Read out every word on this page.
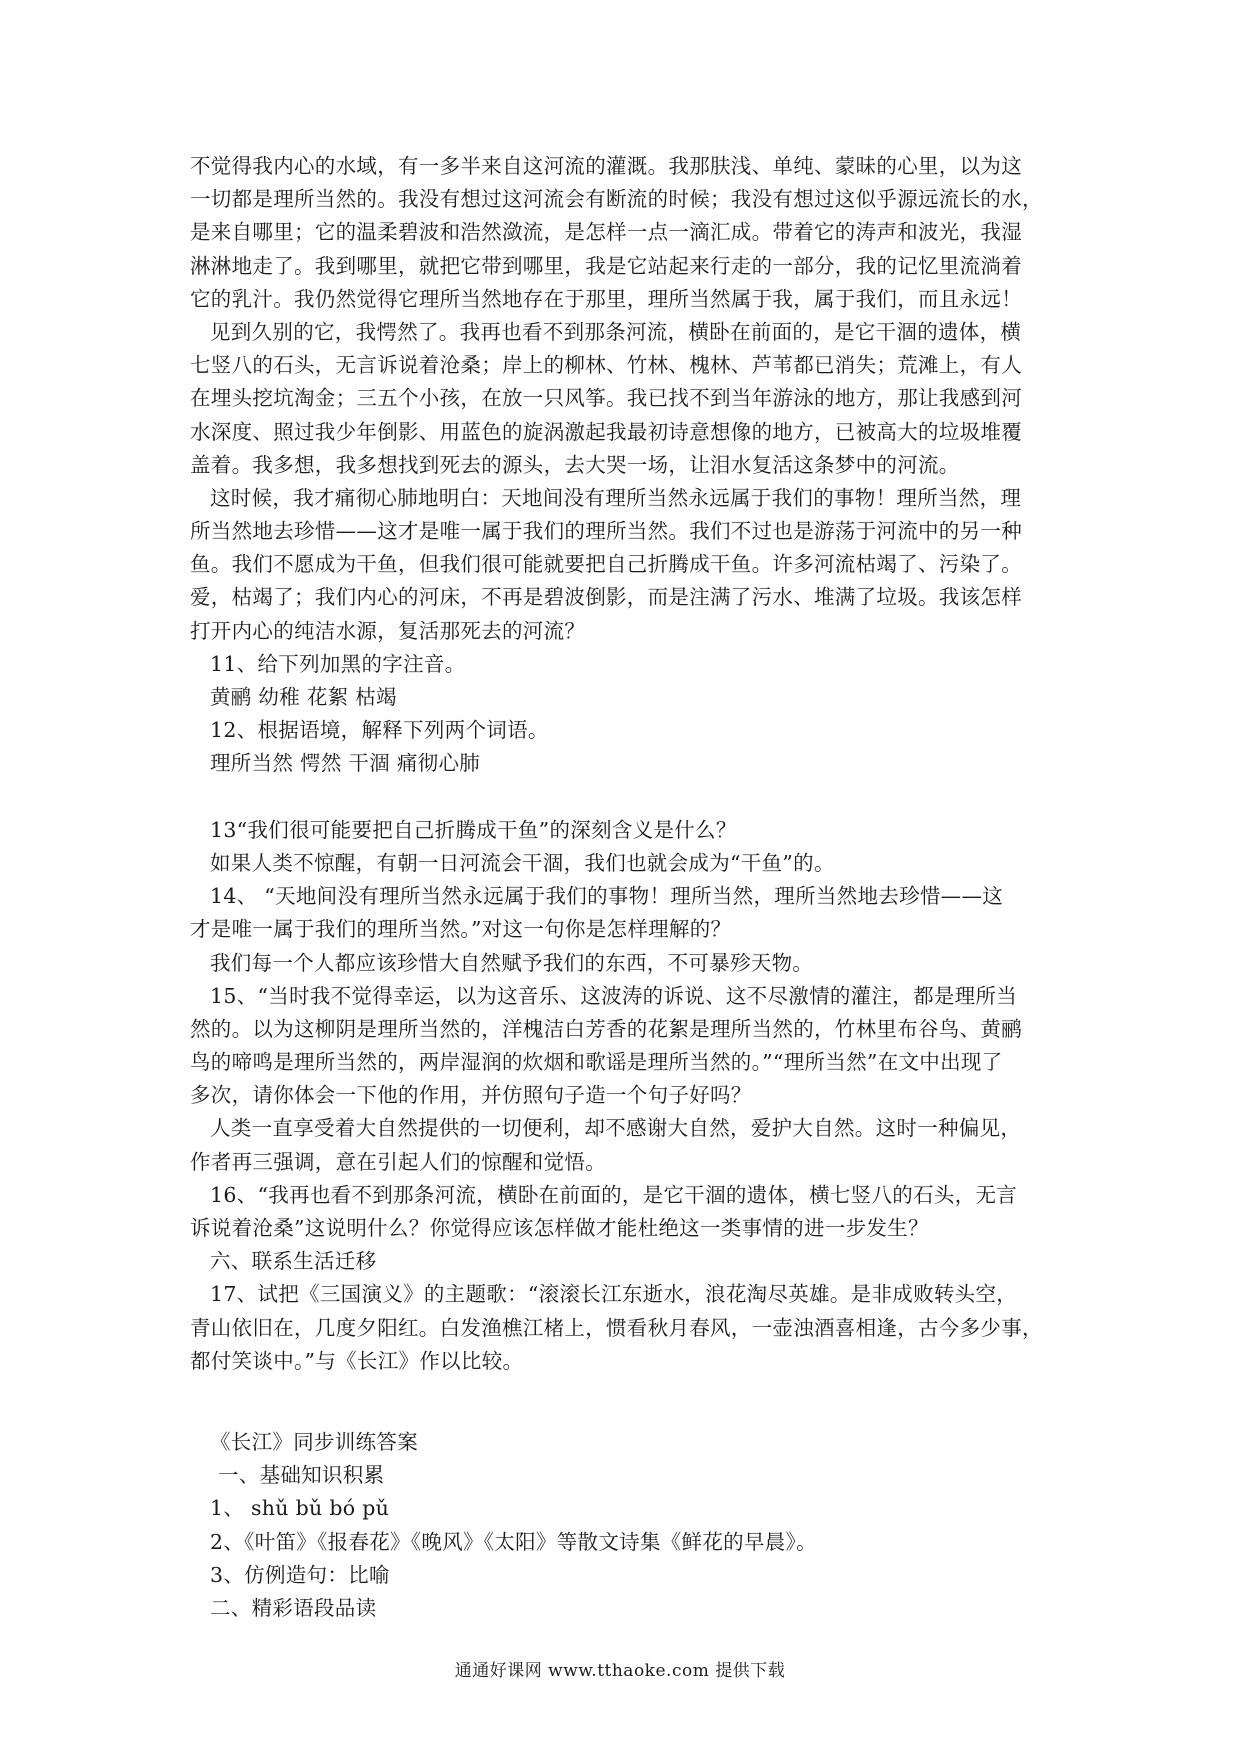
不觉得我内心的水域，有一多半来自这河流的灌溉。我那肤浅、单纯、蒙昧的心里，以为这
一切都是理所当然的。我没有想过这河流会有断流的时候；我没有想过这似乎源远流长的水，
是来自哪里；它的温柔碧波和浩然潋流，是怎样一点一滴汇成。带着它的涛声和波光，我湿
淋淋地走了。我到哪里，就把它带到哪里，我是它站起来行走的一部分，我的记忆里流淌着
它的乳汁。我仍然觉得它理所当然地存在于那里，理所当然属于我，属于我们，而且永远！
见到久别的它，我愕然了。我再也看不到那条河流，横卧在前面的，是它干涸的遗体，横
七竖八的石头，无言诉说着沧桑；岸上的柳林、竹林、槐林、芦苇都已消失；荒滩上，有人
在埋头挖坑淘金；三五个小孩，在放一只风筝。我已找不到当年游泳的地方，那让我感到河
水深度、照过我少年倒影、用蓝色的旋涡激起我最初诗意想像的地方，已被高大的垃圾堆覆
盖着。我多想，我多想找到死去的源头，去大哭一场，让泪水复活这条梦中的河流。
这时候，我才痛彻心肺地明白：天地间没有理所当然永远属于我们的事物！理所当然，理
所当然地去珍惜——这才是唯一属于我们的理所当然。我们不过也是游荡于河流中的另一种
鱼。我们不愿成为干鱼，但我们很可能就要把自己折腾成干鱼。许多河流枯竭了、污染了。
爱，枯竭了；我们内心的河床，不再是碧波倒影，而是注满了污水、堆满了垃圾。我该怎样
打开内心的纯洁水源，复活那死去的河流？
11、给下列加黑的字注音。
黄鹂 幼稚 花絮 枯竭
12、根据语境，解释下列两个词语。
理所当然 愕然 干涸 痛彻心肺
13“我们很可能要把自己折腾成干鱼”的深刻含义是什么？
如果人类不惊醒，有朝一日河流会干涸，我们也就会成为“干鱼”的。
14、 “天地间没有理所当然永远属于我们的事物！理所当然，理所当然地去珍惜——这
才是唯一属于我们的理所当然。”对这一句你是怎样理解的？
我们每一个人都应该珍惜大自然赋予我们的东西，不可暴殄天物。
15、“当时我不觉得幸运，以为这音乐、这波涛的诉说、这不尽激情的灌注，都是理所当
然的。以为这柳阴是理所当然的，洋槐洁白芳香的花絮是理所当然的，竹林里布谷鸟、黄鹂
鸟的啼鸣是理所当然的，两岸湿润的炊烟和歌谣是理所当然的。”“理所当然”在文中出现了
多次，请你体会一下他的作用，并仿照句子造一个句子好吗？
人类一直享受着大自然提供的一切便利，却不感谢大自然，爱护大自然。这时一种偏见，
作者再三强调，意在引起人们的惊醒和觉悟。
16、“我再也看不到那条河流，横卧在前面的，是它干涸的遗体，横七竖八的石头，无言
诉说着沧桑”这说明什么？你觉得应该怎样做才能杜绝这一类事情的进一步发生？
六、联系生活迁移
17、试把《三国演义》的主题歌：“滚滚长江东逝水，浪花淘尽英雄。是非成败转头空，
青山依旧在，几度夕阳红。白发渔樵江楮上，惯看秋月春风，一壶浊酒喜相逢，古今多少事，
都付笑谈中。”与《长江》作以比较。
《长江》同步训练答案
一、基础知识积累
1、 shǔ bǔ bó pǔ
2、《叶笛》《报春花》《晚风》《太阳》等散文诗集《鲜花的早晨》。
3、仿例造句：比喻
二、精彩语段品读
通通好课网 www.tthaoke.com 提供下载
